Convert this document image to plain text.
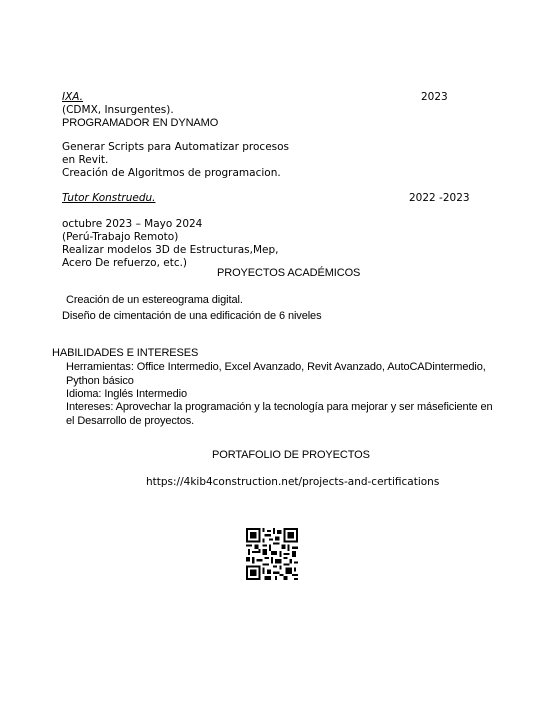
IXA.	2023
(CDMX, Insurgentes).
PROGRAMADOR EN DYNAMO
Generar Scripts para Automatizar procesos
en Revit.
Creación de Algoritmos de programacion.
Tutor Konstruedu.	2022 -2023
octubre 2023 – Mayo 2024
(Perú-Trabajo Remoto)
Realizar modelos 3D de Estructuras,Mep,
Acero De refuerzo, etc.)
PROYECTOS ACADÉMICOS
Creación de un estereograma digital.
Diseño de cimentación de una edificación de 6 niveles
HABILIDADES E INTERESES
Herramientas: Office Intermedio, Excel Avanzado, Revit Avanzado, AutoCADintermedio,
Python básico
Idioma: Inglés Intermedio
Intereses: Aprovechar la programación y la tecnología para mejorar y ser máseficiente en
el Desarrollo de proyectos.
PORTAFOLIO DE PROYECTOS
https://4kib4construction.net/projects-and-certifications
